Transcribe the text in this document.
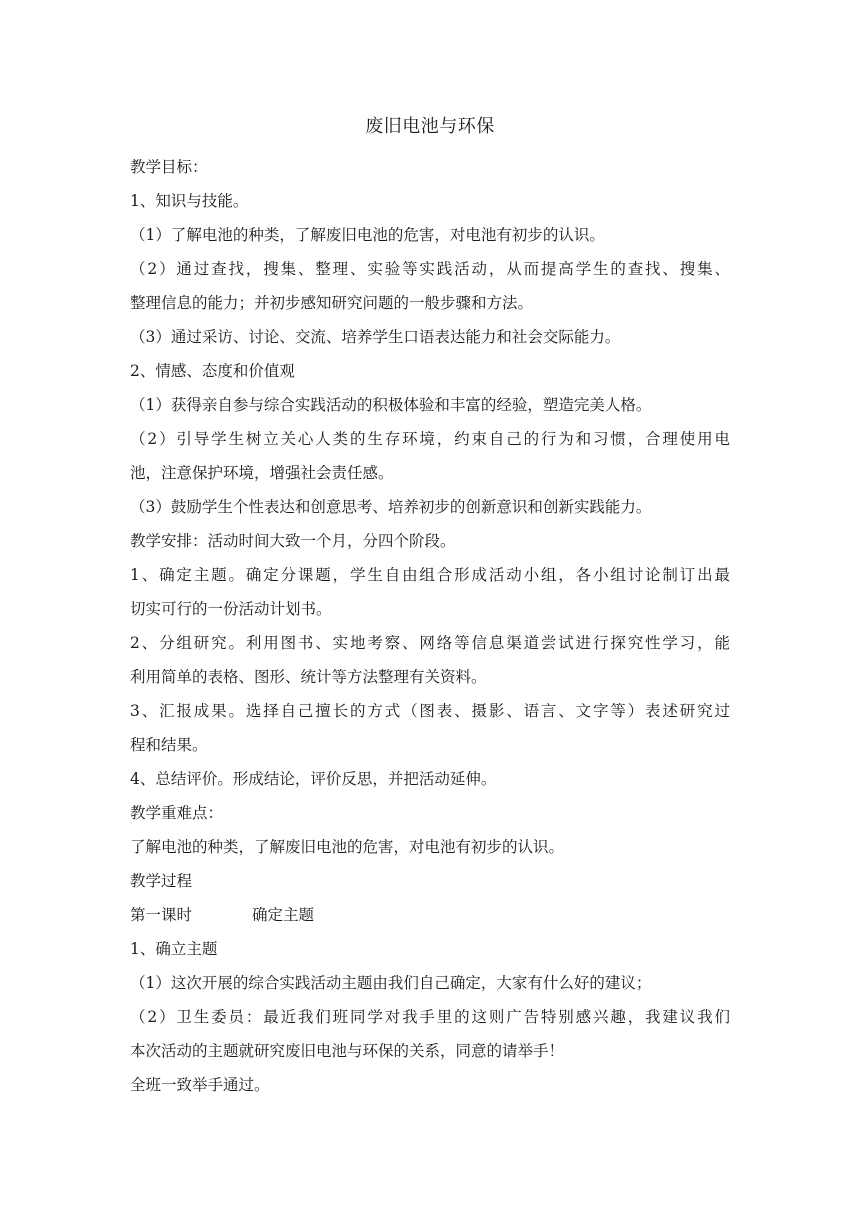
废旧电池与环保

教学目标：

1、知识与技能。

（1）了解电池的种类，了解废旧电池的危害，对电池有初步的认识。

（2）通过查找，搜集、整理、实验等实践活动，从而提高学生的查找、搜集、

整理信息的能力；并初步感知研究问题的一般步骤和方法。

（3）通过采访、讨论、交流、培养学生口语表达能力和社会交际能力。

2、情感、态度和价值观

（1）获得亲自参与综合实践活动的积极体验和丰富的经验，塑造完美人格。

（2）引导学生树立关心人类的生存环境，约束自己的行为和习惯，合理使用电

池，注意保护环境，增强社会责任感。

（3）鼓励学生个性表达和创意思考、培养初步的创新意识和创新实践能力。

教学安排：活动时间大致一个月，分四个阶段。

1、确定主题。确定分课题，学生自由组合形成活动小组，各小组讨论制订出最

切实可行的一份活动计划书。

2、分组研究。利用图书、实地考察、网络等信息渠道尝试进行探究性学习，能

利用简单的表格、图形、统计等方法整理有关资料。

3、汇报成果。选择自己擅长的方式（图表、摄影、语言、文字等）表述研究过

程和结果。

4、总结评价。形成结论，评价反思，并把活动延伸。

教学重难点：

了解电池的种类，了解废旧电池的危害，对电池有初步的认识。

教学过程

第一课时	确定主题

1、确立主题

（1）这次开展的综合实践活动主题由我们自己确定，大家有什么好的建议；

（2）卫生委员：最近我们班同学对我手里的这则广告特别感兴趣，我建议我们

本次活动的主题就研究废旧电池与环保的关系，同意的请举手！

全班一致举手通过。
